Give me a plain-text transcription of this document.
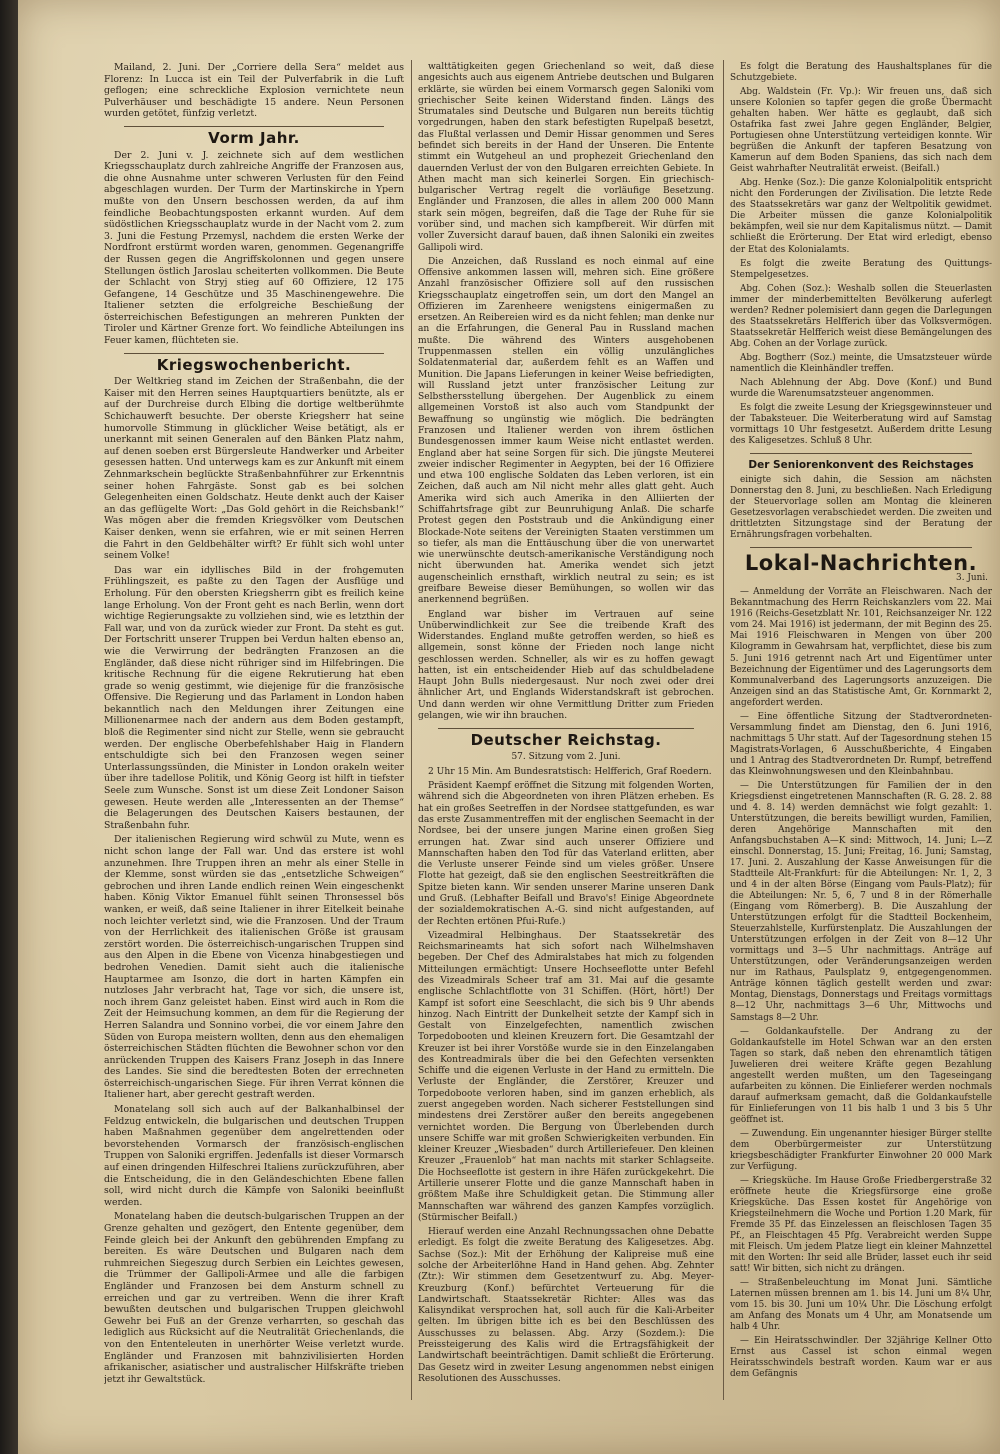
Mailand, 2. Juni. Der „Corriere della Sera“ meldet aus Florenz: In Lucca ist ein Teil der Pulverfabrik in die Luft geflogen; eine schreckliche Explosion vernichtete neun Pulverhäuser und beschädigte 15 andere. Neun Personen wurden getötet, fünfzig verletzt.

Vorm Jahr.

Der 2. Juni v. J. zeichnete sich auf dem westlichen Kriegsschauplatz durch zahlreiche Angriffe der Franzosen aus, die ohne Ausnahme unter schweren Verlusten für den Feind abgeschlagen wurden. Der Turm der Martinskirche in Ypern mußte von den Unsern beschossen werden, da auf ihm feindliche Beobachtungsposten erkannt wurden. Auf dem südöstlichen Kriegsschauplatz wurde in der Nacht vom 2. zum 3. Juni die Festung Przemysl, nachdem die ersten Werke der Nordfront erstürmt worden waren, genommen. Gegenangriffe der Russen gegen die Angriffskolonnen und gegen unsere Stellungen östlich Jaroslau scheiterten vollkommen. Die Beute der Schlacht von Stryj stieg auf 60 Offiziere, 12 175 Gefangene, 14 Geschütze und 35 Maschinengewehre. Die Italiener setzten die erfolgreiche Beschießung der österreichischen Befestigungen an mehreren Punkten der Tiroler und Kärtner Grenze fort. Wo feindliche Abteilungen ins Feuer kamen, flüchteten sie.

Kriegswochenbericht.

Der Weltkrieg stand im Zeichen der Straßenbahn, die der Kaiser mit den Herren seines Hauptquartiers benützte, als er auf der Durchreise durch Elbing die dortige weltberühmte Schichauwerft besuchte. Der oberste Kriegsherr hat seine humorvolle Stimmung in glücklicher Weise betätigt, als er unerkannt mit seinen Generalen auf den Bänken Platz nahm, auf denen soeben erst Bürgersleute Handwerker und Arbeiter gesessen hatten. Und unterwegs kam es zur Ankunft mit einem Zehnmarkschein beglückte Straßenbahnführer zur Erkenntnis seiner hohen Fahrgäste. Sonst gab es bei solchen Gelegenheiten einen Goldschatz. Heute denkt auch der Kaiser an das geflügelte Wort: „Das Gold gehört in die Reichsbank!“ Was mögen aber die fremden Kriegsvölker vom Deutschen Kaiser denken, wenn sie erfahren, wie er mit seinen Herren die Fahrt in den Geldbehälter wirft? Er fühlt sich wohl unter seinem Volke!

Das war ein idyllisches Bild in der frohgemuten Frühlingszeit, es paßte zu den Tagen der Ausflüge und Erholung. Für den obersten Kriegsherrn gibt es freilich keine lange Erholung. Von der Front geht es nach Berlin, wenn dort wichtige Regierungsakte zu vollziehen sind, wie es letzthin der Fall war, und von da zurück wieder zur Front. Da steht es gut. Der Fortschritt unserer Truppen bei Verdun halten ebenso an, wie die Verwirrung der bedrängten Franzosen an die Engländer, daß diese nicht rühriger sind im Hilfebringen. Die kritische Rechnung für die eigene Rekrutierung hat eben grade so wenig gestimmt, wie diejenige für die französische Offensive. Die Regierung und das Parlament in London haben bekanntlich nach den Meldungen ihrer Zeitungen eine Millionenarmee nach der andern aus dem Boden gestampft, bloß die Regimenter sind nicht zur Stelle, wenn sie gebraucht werden. Der englische Oberbefehlshaber Haig in Flandern entschuldigte sich bei den Franzosen wegen seiner Unterlassungssünden, die Minister in London orakeln weiter über ihre tadellose Politik, und König Georg ist hilft in tiefster Seele zum Wunsche. Sonst ist um diese Zeit Londoner Saison gewesen. Heute werden alle „Interessenten an der Themse“ die Belagerungen des Deutschen Kaisers bestaunen, der Straßenbahn fuhr.

Der italienischen Regierung wird schwül zu Mute, wenn es nicht schon lange der Fall war. Und das erstere ist wohl anzunehmen. Ihre Truppen ihren an mehr als einer Stelle in der Klemme, sonst würden sie das „entsetzliche Schweigen“ gebrochen und ihren Lande endlich reinen Wein eingeschenkt haben. König Viktor Emanuel fühlt seinen Thronsessel bös wanken, er weiß, daß seine Italiener in ihrer Eitelkeit beinahe noch leichter verletzt sind, wie die Franzosen. Und der Traum von der Herrlichkeit des italienischen Größe ist grausam zerstört worden. Die österreichisch-ungarischen Truppen sind aus den Alpen in die Ebene von Vicenza hinabgestiegen und bedrohen Venedien. Damit sieht auch die italienische Hauptarmee am Isonzo, die dort in harten Kämpfen ein nutzloses Jahr verbracht hat, Tage vor sich, die unsere ist, noch ihrem Ganz geleistet haben. Einst wird auch in Rom die Zeit der Heimsuchung kommen, an dem für die Regierung der Herren Salandra und Sonnino vorbei, die vor einem Jahre den Süden von Europa meistern wollten, denn aus den ehemaligen österreichischen Städten flüchten die Bewohner schon vor den anrückenden Truppen des Kaisers Franz Joseph in das Innere des Landes. Sie sind die beredtesten Boten der errechneten österreichisch-ungarischen Siege. Für ihren Verrat können die Italiener hart, aber gerecht gestraft werden.

Monatelang soll sich auch auf der Balkanhalbinsel der Feldzug entwickeln, die bulgarischen und deutschen Truppen haben Maßnahmen gegenüber dem angelrettenden oder bevorstehenden Vormarsch der französisch-englischen Truppen von Saloniki ergriffen. Jedenfalls ist dieser Vormarsch auf einen dringenden Hilfeschrei Italiens zurückzuführen, aber die Entscheidung, die in den Geländeschichten Ebene fallen soll, wird nicht durch die Kämpfe von Saloniki beeinflußt werden.

Monatelang haben die deutsch-bulgarischen Truppen an der Grenze gehalten und gezögert, den Entente gegenüber, dem Feinde gleich bei der Ankunft den gebührenden Empfang zu bereiten. Es wäre Deutschen und Bulgaren nach dem ruhmreichen Siegeszug durch Serbien ein Leichtes gewesen, die Trümmer der Gallipoli-Armee und alle die farbigen Engländer und Franzosen bei dem Ansturm schnell zu erreichen und gar zu vertreiben. Wenn die ihrer Kraft bewußten deutschen und bulgarischen Truppen gleichwohl Gewehr bei Fuß an der Grenze verharrten, so geschah das lediglich aus Rücksicht auf die Neutralität Griechenlands, die von den Ententeleuten in unerhörter Weise verletzt wurde. Engländer und Franzosen mit bahnzivilisierten Horden afrikanischer, asiatischer und australischer Hilfskräfte trieben jetzt ihr Gewaltstück.

walttätigkeiten gegen Griechenland so weit, daß diese angesichts auch aus eigenem Antriebe deutschen und Bulgaren erklärte, sie würden bei einem Vormarsch gegen Saloniki vom griechischer Seite keinen Widerstand finden. Längs des Strumatales sind Deutsche und Bulgaren nun bereits tüchtig vorgedrungen, haben den stark befestigten Rupelpaß besetzt, das Flußtal verlassen und Demir Hissar genommen und Seres befindet sich bereits in der Hand der Unseren. Die Entente stimmt ein Wutgeheul an und prophezeit Griechenland den dauernden Verlust der von den Bulgaren erreichten Gebiete. In Athen macht man sich keinerlei Sorgen. Ein griechisch-bulgarischer Vertrag regelt die vorläufige Besetzung. Engländer und Franzosen, die alles in allem 200 000 Mann stark sein mögen, begreifen, daß die Tage der Ruhe für sie vorüber sind, und machen sich kampfbereit. Wir dürfen mit voller Zuversicht darauf bauen, daß ihnen Saloniki ein zweites Gallipoli wird.

Die Anzeichen, daß Russland es noch einmal auf eine Offensive ankommen lassen will, mehren sich. Eine größere Anzahl französischer Offiziere soll auf den russischen Kriegsschauplatz eingetroffen sein, um dort den Mangel an Offizieren im Zarenheere wenigstens einigermaßen zu ersetzen. An Reibereien wird es da nicht fehlen; man denke nur an die Erfahrungen, die General Pau in Russland machen mußte. Die während des Winters ausgehobenen Truppenmassen stellen ein völlig unzulängliches Soldatenmaterial dar, außerdem fehlt es an Waffen und Munition. Die Japans Lieferungen in keiner Weise befriedigten, will Russland jetzt unter französischer Leitung zur Selbsthersstellung übergehen. Der Augenblick zu einem allgemeinen Vorstoß ist also auch vom Standpunkt der Bewaffnung so ungünstig wie möglich. Die bedrängten Franzosen und Italiener werden von ihrem östlichen Bundesgenossen immer kaum Weise nicht entlastet werden. England aber hat seine Sorgen für sich. Die jüngste Meuterei zweier indischer Regimenter in Aegypten, bei der 16 Offiziere und etwa 100 englische Soldaten das Leben verloren, ist ein Zeichen, daß auch am Nil nicht mehr alles glatt geht. Auch Amerika wird sich auch Amerika in den Alliierten der Schiffahrtsfrage gibt zur Beunruhigung Anlaß. Die scharfe Protest gegen den Poststraub und die Ankündigung einer Blockade-Note seitens der Vereinigten Staaten verstimmen um so tiefer, als man die Enttäuschung über die von unerwartet wie unerwünschte deutsch-amerikanische Verständigung noch nicht überwunden hat. Amerika wendet sich jetzt augenscheinlich ernsthaft, wirklich neutral zu sein; es ist greifbare Beweise dieser Bemühungen, so wollen wir das anerkennend begrüßen.

England war bisher im Vertrauen auf seine Unüberwindlichkeit zur See die treibende Kraft des Widerstandes. England mußte getroffen werden, so hieß es allgemein, sonst könne der Frieden noch lange nicht geschlossen werden. Schneller, als wir es zu hoffen gewagt hatten, ist ein entscheidender Hieb auf das schuldbeladene Haupt John Bulls niedergesaust. Nur noch zwei oder drei ähnlicher Art, und Englands Widerstandskraft ist gebrochen. Und dann werden wir ohne Vermittlung Dritter zum Frieden gelangen, wie wir ihn brauchen.

Deutscher Reichstag.
57. Sitzung vom 2. Juni.

2 Uhr 15 Min. Am Bundesratstisch: Helfferich, Graf Roedern.

Präsident Kaempf eröffnet die Sitzung mit folgenden Worten, während sich die Abgeordneten von ihren Plätzen erheben. Es hat ein großes Seetreffen in der Nordsee stattgefunden, es war das erste Zusammentreffen mit der englischen Seemacht in der Nordsee, bei der unsere jungen Marine einen großen Sieg errungen hat. Zwar sind auch unserer Offiziere und Mannschaften haben den Tod für das Vaterland erlitten, aber die Verluste unserer Feinde sind um vieles größer. Unsere Flotte hat gezeigt, daß sie den englischen Seestreitkräften die Spitze bieten kann. Wir senden unserer Marine unseren Dank und Gruß. (Lebhafter Beifall und Bravo's! Einige Abgeordnete der sozialdemokratischen A.-G. sind nicht aufgestanden, auf der Rechten ertönen Pfui-Rufe.)

Vizeadmiral Helbinghaus. Der Staatssekretär des Reichsmarineamts hat sich sofort nach Wilhelmshaven begeben. Der Chef des Admiralstabes hat mich zu folgenden Mitteilungen ermächtigt: Unsere Hochseeflotte unter Befehl des Vizeadmirals Scheer traf am 31. Mai auf die gesamte englische Schlachtflotte von 31 Schiffen. (Hört, hört!) Der Kampf ist sofort eine Seeschlacht, die sich bis 9 Uhr abends hinzog. Nach Eintritt der Dunkelheit setzte der Kampf sich in Gestalt von Einzelgefechten, namentlich zwischen Torpedobooten und kleinen Kreuzern fort. Die Gesamtzahl der Kreuzer ist bei ihrer Vorstöße wurde sie in den Einzelangaben des Kontreadmirals über die bei den Gefechten versenkten Schiffe und die eigenen Verluste in der Hand zu ermitteln. Die Verluste der Engländer, die Zerstörer, Kreuzer und Torpedoboote verloren haben, sind im ganzen erheblich, als zuerst angegeben worden. Nach sicherer Feststellungen sind mindestens drei Zerstörer außer den bereits angegebenen vernichtet worden. Die Bergung von Überlebenden durch unsere Schiffe war mit großen Schwierigkeiten verbunden. Ein kleiner Kreuzer „Wiesbaden“ durch Artilleriefeuer. Den kleinen Kreuzer „Frauenlob“ hat man nachts mit starker Schlagseite. Die Hochseeflotte ist gestern in ihre Häfen zurückgekehrt. Die Artillerie unserer Flotte und die ganze Mannschaft haben in größtem Maße ihre Schuldigkeit getan. Die Stimmung aller Mannschaften war während des ganzen Kampfes vorzüglich. (Stürmischer Beifall.)

Hierauf werden eine Anzahl Rechnungssachen ohne Debatte erledigt. Es folgt die zweite Beratung des Kaligesetzes. Abg. Sachse (Soz.): Mit der Erhöhung der Kalipreise muß eine solche der Arbeiterlöhne Hand in Hand gehen. Abg. Zehnter (Ztr.): Wir stimmen dem Gesetzentwurf zu. Abg. Meyer-Kreuzburg (Konf.) befürchtet Verteuerung für die Landwirtschaft. Staatssekretär Richter: Alles was das Kalisyndikat versprochen hat, soll auch für die Kali-Arbeiter gelten. Im übrigen bitte ich es bei den Beschlüssen des Ausschusses zu belassen. Abg. Arzy (Sozdem.): Die Preissteigerung des Kalis wird die Ertragsfähigkeit der Landwirtschaft beeinträchtigen. Damit schließt die Erörterung. Das Gesetz wird in zweiter Lesung angenommen nebst einigen Resolutionen des Ausschusses.

Es folgt die Beratung des Haushaltsplanes für die Schutzgebiete.

Abg. Waldstein (Fr. Vp.): Wir freuen uns, daß sich unsere Kolonien so tapfer gegen die große Übermacht gehalten haben. Wer hätte es geglaubt, daß sich Ostafrika fast zwei Jahre gegen Engländer, Belgier, Portugiesen ohne Unterstützung verteidigen konnte. Wir begrüßen die Ankunft der tapferen Besatzung von Kamerun auf dem Boden Spaniens, das sich nach dem Geist wahrhafter Neutralität erweist. (Beifall.)

Abg. Henke (Soz.): Die ganze Kolonialpolitik entspricht nicht den Forderungen der Zivilisation. Die letzte Rede des Staatssekretärs war ganz der Weltpolitik gewidmet. Die Arbeiter müssen die ganze Kolonialpolitik bekämpfen, weil sie nur dem Kapitalismus nützt. — Damit schließt die Erörterung. Der Etat wird erledigt, ebenso der Etat des Kolonialamts.

Es folgt die zweite Beratung des Quittungs-Stempelgesetzes.

Abg. Cohen (Soz.): Weshalb sollen die Steuerlasten immer der minderbemittelten Bevölkerung auferlegt werden? Redner polemisiert dann gegen die Darlegungen des Staatssekretärs Helfferich über das Volksvermögen. Staatssekretär Helfferich weist diese Bemängelungen des Abg. Cohen an der Vorlage zurück.

Abg. Bogtherr (Soz.) meinte, die Umsatzsteuer würde namentlich die Kleinhändler treffen.

Nach Ablehnung der Abg. Dove (Konf.) und Bund wurde die Warenumsatzsteuer angenommen.

Es folgt die zweite Lesung der Kriegsgewinnsteuer und der Tabaksteuer. Die Weiterberatung wird auf Samstag vormittags 10 Uhr festgesetzt. Außerdem dritte Lesung des Kaligesetzes. Schluß 8 Uhr.

Der Seniorenkonvent des Reichstages

einigte sich dahin, die Session am nächsten Donnerstag den 8. Juni, zu beschließen. Nach Erledigung der Steuervorlage sollen am Montag die kleineren Gesetzesvorlagen verabschiedet werden. Die zweiten und drittletzten Sitzungstage sind der Beratung der Ernährungsfragen vorbehalten.

Lokal-Nachrichten.
3. Juni.

— Anmeldung der Vorräte an Fleischwaren. Nach der Bekanntmachung des Herrn Reichskanzlers vom 22. Mai 1916 (Reichs-Gesetzblatt Nr. 101, Reichsanzeiger Nr. 122 vom 24. Mai 1916) ist jedermann, der mit Beginn des 25. Mai 1916 Fleischwaren in Mengen von über 200 Kilogramm in Gewahrsam hat, verpflichtet, diese bis zum 5. Juni 1916 getrennt nach Art und Eigentümer unter Bezeichnung der Eigentümer und des Lagerungsorts dem Kommunalverband des Lagerungsorts anzuzeigen. Die Anzeigen sind an das Statistische Amt, Gr. Kornmarkt 2, angefordert werden.

— Eine öffentliche Sitzung der Stadtverordneten-Versammlung findet am Dienstag, den 6. Juni 1916, nachmittags 5 Uhr statt. Auf der Tagesordnung stehen 15 Magistrats-Vorlagen, 6 Ausschußberichte, 4 Eingaben und 1 Antrag des Stadtverordneten Dr. Rumpf, betreffend das Kleinwohnungswesen und den Kleinbahnbau.

— Die Unterstützungen für Familien der in den Kriegsdienst eingetretenen Mannschaften (R. G. 28. 2. 88 und 4. 8. 14) werden demnächst wie folgt gezahlt: 1. Unterstützungen, die bereits bewilligt wurden, Familien, deren Angehörige Mannschaften mit den Anfangsbuchstaben A—K sind: Mittwoch, 14. Juni; L—Z einschl. Donnerstag, 15. Juni; Freitag, 16. Juni; Samstag, 17. Juni. 2. Auszahlung der Kasse Anweisungen für die Stadtteile Alt-Frankfurt: für die Abteilungen: Nr. 1, 2, 3 und 4 in der alten Börse (Eingang vom Pauls-Platz); für die Abteilungen: Nr. 5, 6, 7 und 8 in der Römerhalle (Eingang vom Römerberg). B. Die Auszahlung der Unterstützungen erfolgt für die Stadtteil Bockenheim, Steuerzahlstelle, Kurfürstenplatz. Die Auszahlungen der Unterstützungen erfolgen in der Zeit von 8—12 Uhr vormittags und 3—5 Uhr nachmittags. Anträge auf Unterstützungen, oder Veränderungsanzeigen werden nur im Rathaus, Paulsplatz 9, entgegengenommen. Anträge können täglich gestellt werden und zwar: Montag, Dienstags, Donnerstags und Freitags vormittags 8—12 Uhr, nachmittags 3—6 Uhr, Mittwochs und Samstags 8—2 Uhr.

— Goldankaufstelle. Der Andrang zu der Goldankaufstelle im Hotel Schwan war an den ersten Tagen so stark, daß neben den ehrenamtlich tätigen Juwelieren drei weitere Kräfte gegen Bezahlung angestellt werden mußten, um den Tageseingang aufarbeiten zu können. Die Einlieferer werden nochmals darauf aufmerksam gemacht, daß die Goldankaufstelle für Einlieferungen von 11 bis halb 1 und 3 bis 5 Uhr geöffnet ist.

— Zuwendung. Ein ungenannter hiesiger Bürger stellte dem Oberbürgermeister zur Unterstützung kriegsbeschädigter Frankfurter Einwohner 20 000 Mark zur Verfügung.

— Kriegsküche. Im Hause Große Friedbergerstraße 32 eröffnete heute die Kriegsfürsorge eine große Kriegsküche. Das Essen kostet für Angehörige von Kriegsteilnehmern die Woche und Portion 1.20 Mark, für Fremde 35 Pf. das Einzelessen an fleischlosen Tagen 35 Pf., an Fleischtagen 45 Pfg. Verabreicht werden Suppe mit Fleisch. Um jedem Platze liegt ein kleiner Mahnzettel mit den Worten: Ihr seid alle Brüder, lasset euch ihr seid satt! Wir bitten, sich nicht zu drängen.

— Straßenbeleuchtung im Monat Juni. Sämtliche Laternen müssen brennen am 1. bis 14. Juni um 8¼ Uhr, vom 15. bis 30. Juni um 10¼ Uhr. Die Löschung erfolgt am Anfang des Monats um 4 Uhr, am Monatsende um halb 4 Uhr.

— Ein Heiratsschwindler. Der 32jährige Kellner Otto Ernst aus Cassel ist schon einmal wegen Heiratsschwindels bestraft worden. Kaum war er aus dem Gefängnis
